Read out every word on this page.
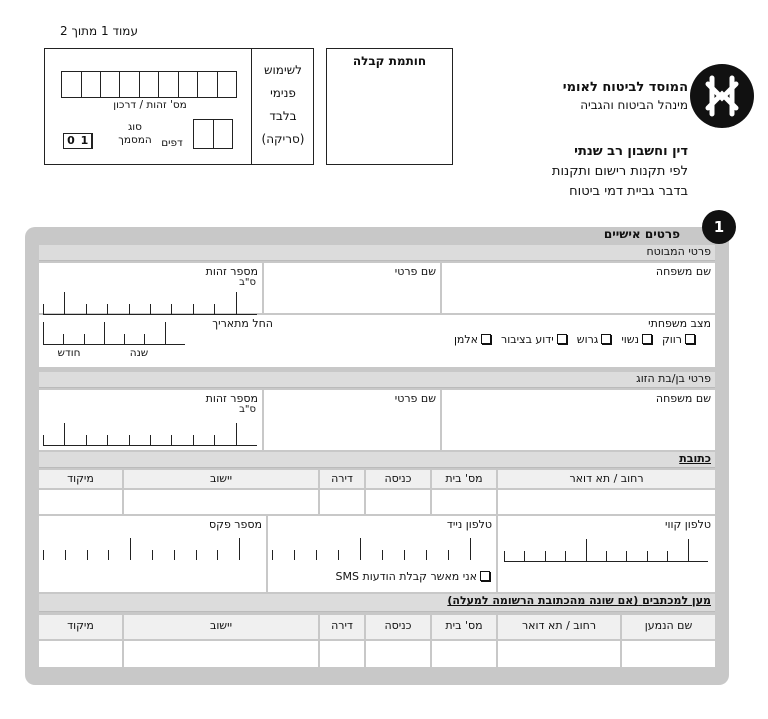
עמוד 1 מתוך 2
לשימוש
פנימי
בלבד
(סריקה)
מס' זהות / דרכון
דפים
סוג
המסמך
0 1
חותמת קבלה
המוסד לביטוח לאומי
מינהל הביטוח והגביה
דין וחשבון רב שנתי
לפי תקנות רישום ותקנות
בדבר גביית דמי ביטוח
1
פרטים אישיים
פרטי המבוטח
שם משפחה
שם פרטי
מספר זהות
ס"ב
מצב משפחתי
רווק
נשוי
גרוש
ידוע בציבור
אלמן
החל מתאריך
חודש	שנה
פרטי בן/בת הזוג
שם משפחה
שם פרטי
מספר זהות
ס"ב
כתובת
רחוב / תא דואר
מס' בית
כניסה
דירה
יישוב
מיקוד
טלפון קווי
טלפון נייד
אני מאשר קבלת הודעות SMS
מספר פקס
מען למכתבים (אם שונה מהכתובת הרשומה למעלה)
שם הנמען
רחוב / תא דואר
מס' בית
כניסה
דירה
יישוב
מיקוד
